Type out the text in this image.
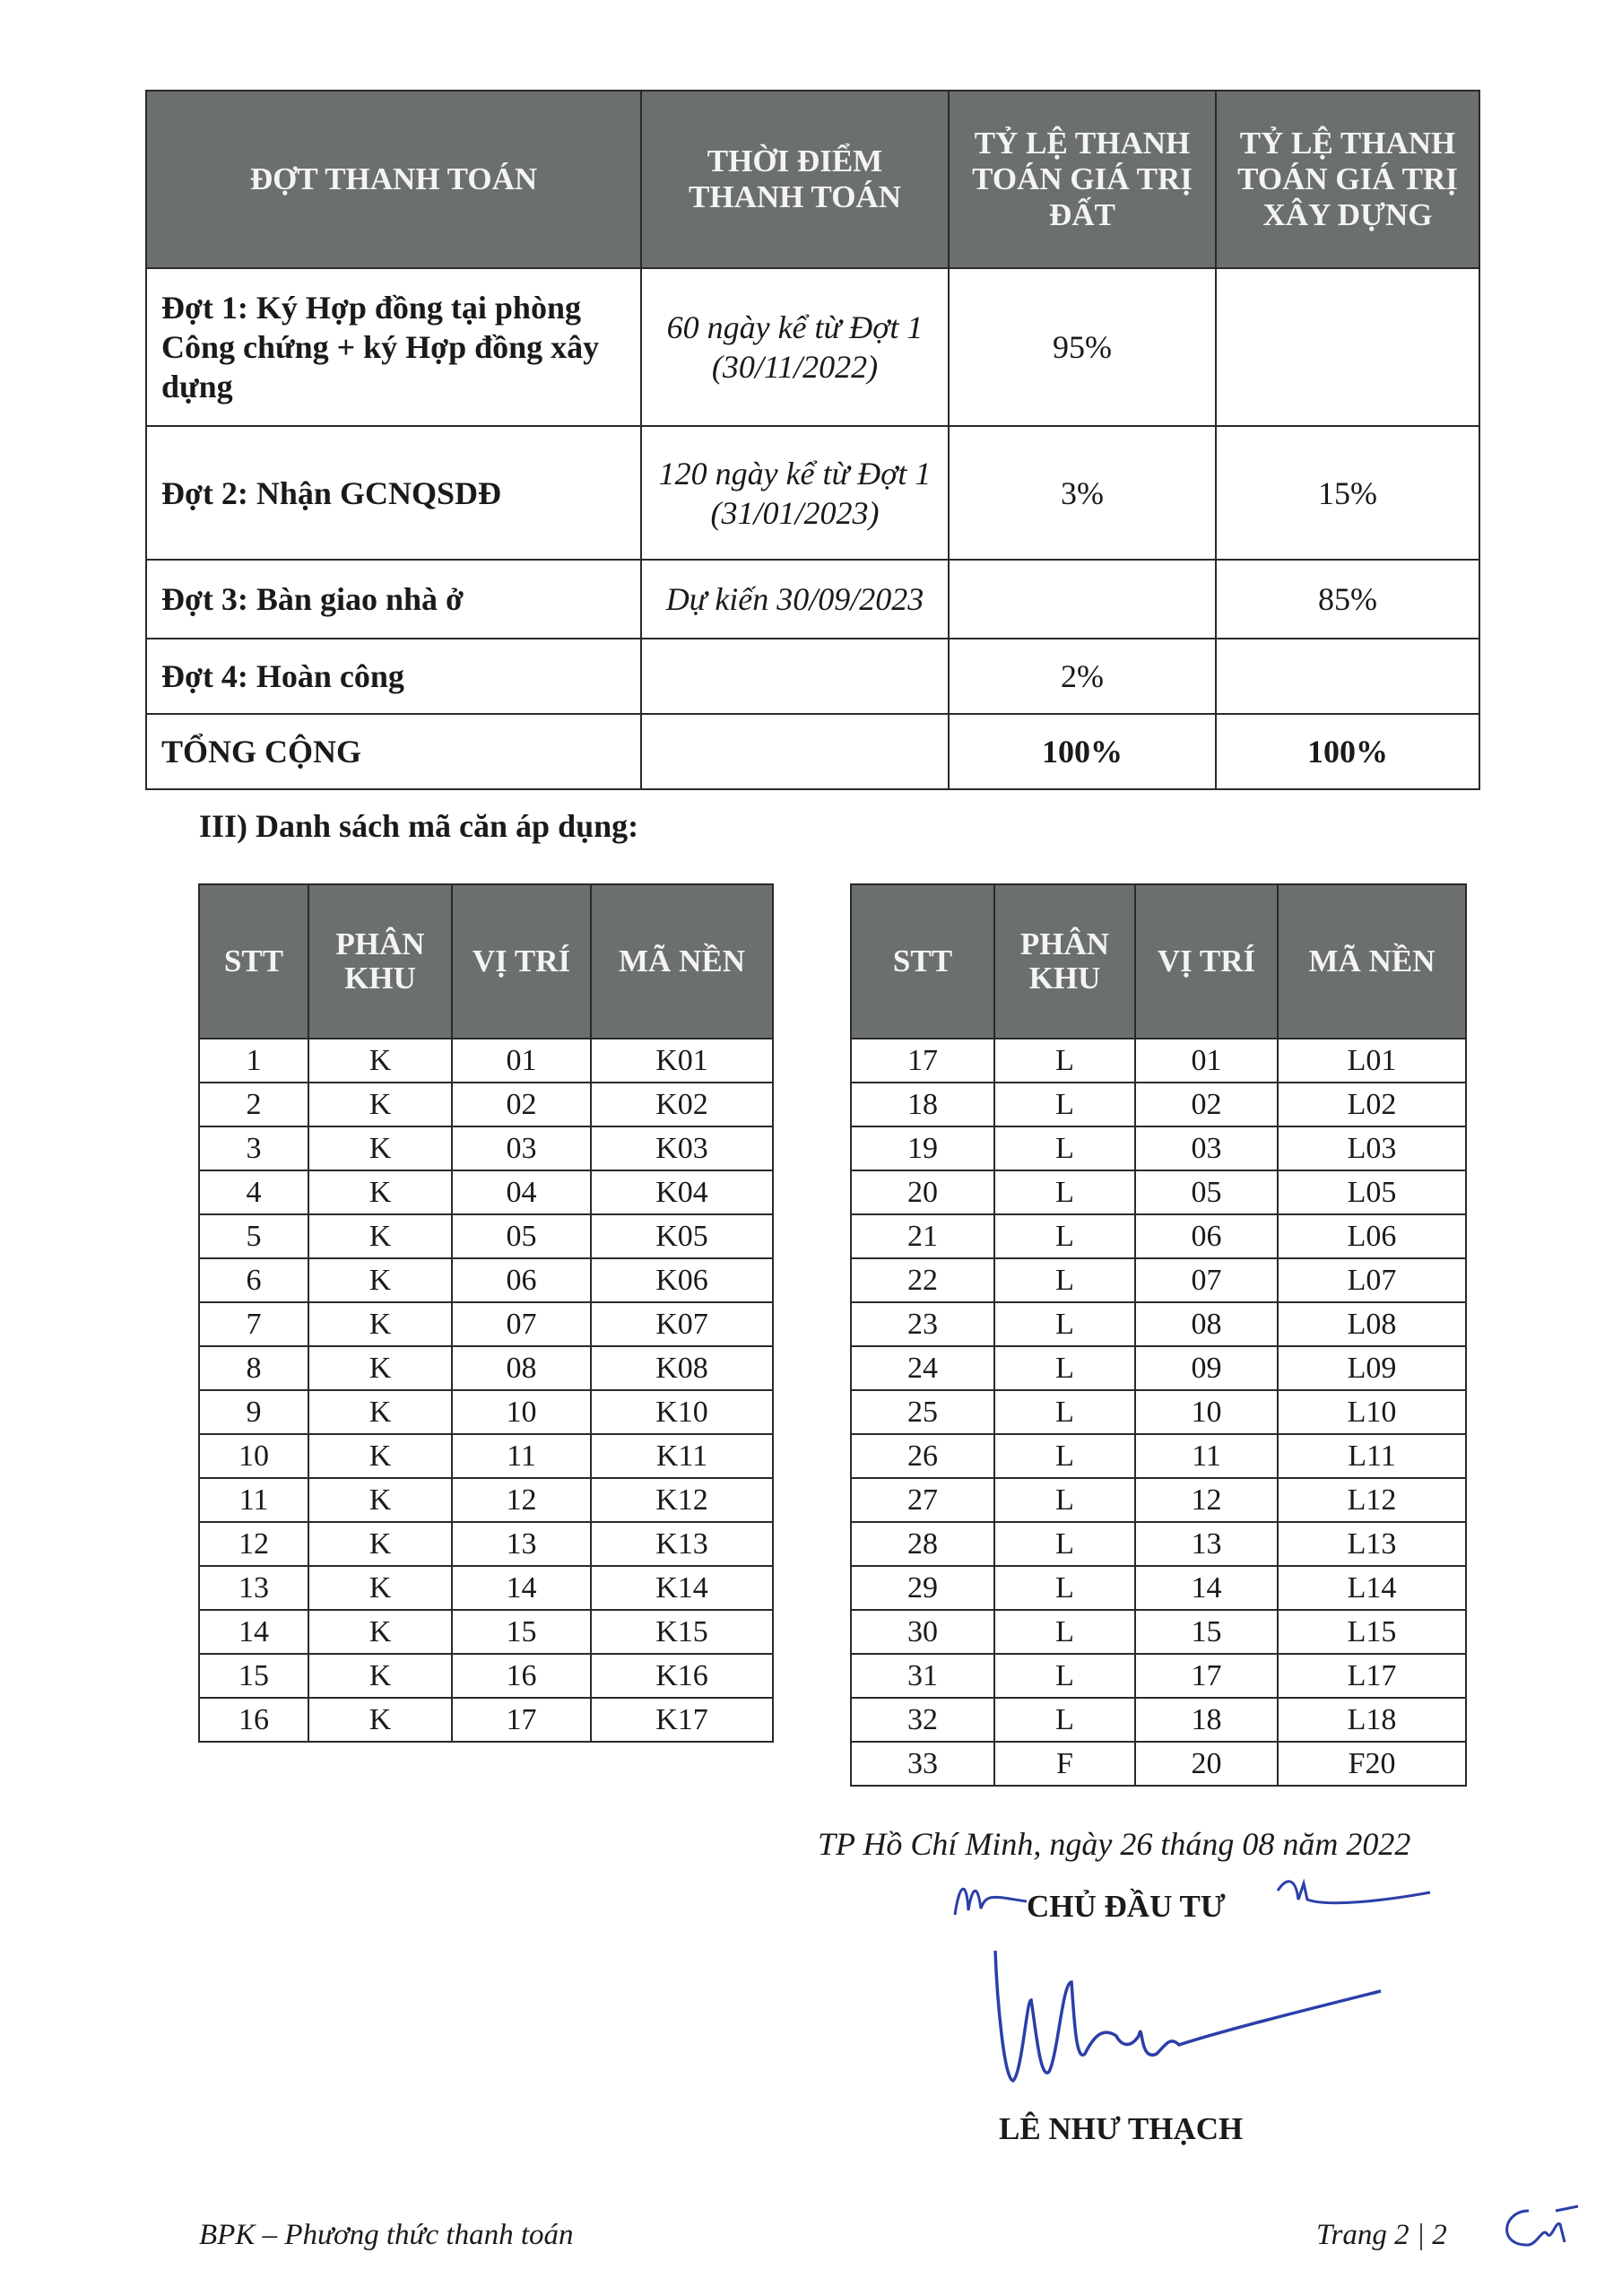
ĐỢT THANH TOÁN	THỜI ĐIỂM THANH TOÁN	TỶ LỆ THANH TOÁN GIÁ TRỊ ĐẤT	TỶ LỆ THANH TOÁN GIÁ TRỊ XÂY DỰNG
Đợt 1: Ký Hợp đồng tại phòng Công chứng + ký Hợp đồng xây dựng	60 ngày kể từ Đợt 1 (30/11/2022)	95%	
Đợt 2: Nhận GCNQSDĐ	120 ngày kể từ Đợt 1 (31/01/2023)	3%	15%
Đợt 3: Bàn giao nhà ở	Dự kiến 30/09/2023		85%
Đợt 4: Hoàn công		2%	
TỔNG CỘNG		100%	100%
III) Danh sách mã căn áp dụng:
STT	PHÂN KHU	VỊ TRÍ	MÃ NỀN
1	K	01	K01
2	K	02	K02
3	K	03	K03
4	K	04	K04
5	K	05	K05
6	K	06	K06
7	K	07	K07
8	K	08	K08
9	K	10	K10
10	K	11	K11
11	K	12	K12
12	K	13	K13
13	K	14	K14
14	K	15	K15
15	K	16	K16
16	K	17	K17
STT	PHÂN KHU	VỊ TRÍ	MÃ NỀN
17	L	01	L01
18	L	02	L02
19	L	03	L03
20	L	05	L05
21	L	06	L06
22	L	07	L07
23	L	08	L08
24	L	09	L09
25	L	10	L10
26	L	11	L11
27	L	12	L12
28	L	13	L13
29	L	14	L14
30	L	15	L15
31	L	17	L17
32	L	18	L18
33	F	20	F20
TP Hồ Chí Minh, ngày 26 tháng 08 năm 2022
CHỦ ĐẦU TƯ
LÊ NHƯ THẠCH
BPK – Phương thức thanh toán	Trang 2 | 2
